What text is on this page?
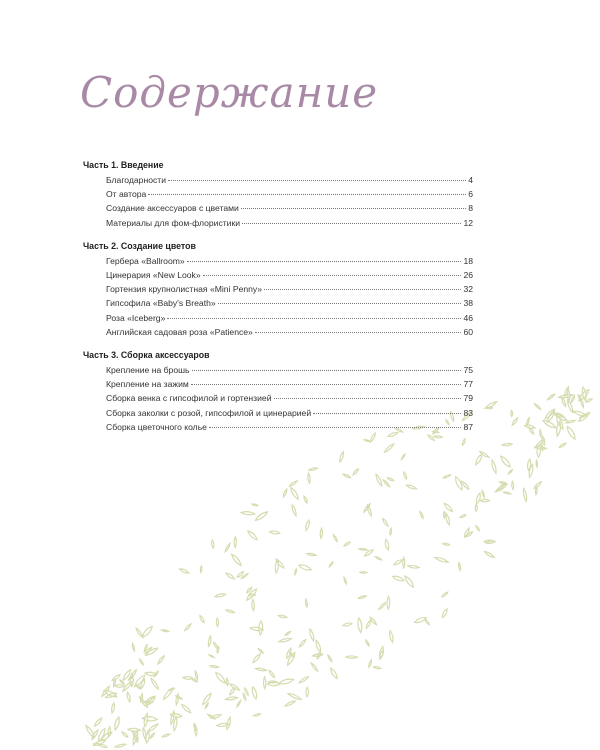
Содержание
Часть 1. Введение
Благодарности	4
От автора	6
Создание аксессуаров с цветами	8
Материалы для фом-флористики	12
Часть 2. Создание цветов
Гербера «Ballroom»	18
Цинерария «New Look»	26
Гортензия крупнолистная «Mini Penny»	32
Гипсофила «Baby's Breath»	38
Роза «Iceberg»	46
Английская садовая роза «Patience»	60
Часть 3. Сборка аксессуаров
Крепление на брошь	75
Крепление на зажим	77
Сборка венка с гипсофилой и гортензией	79
Сборка заколки с розой, гипсофилой и цинерарией	83
Сборка цветочного колье	87
